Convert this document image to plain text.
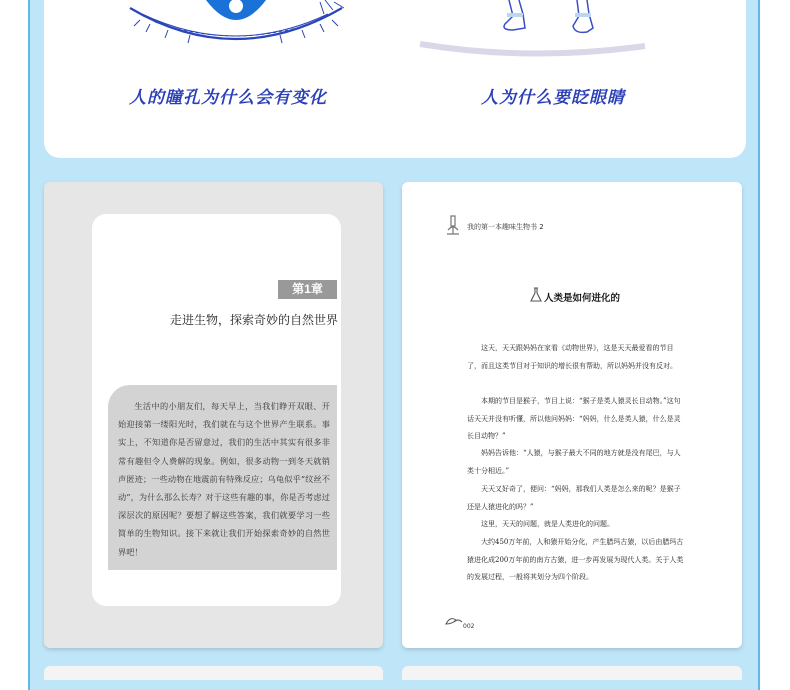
人的瞳孔为什么会有变化	人为什么要眨眼睛
第1章
走进生物，探索奇妙的自然世界

生活中的小朋友们，每天早上，当我们睁开双眼、开始迎接第一缕阳光时，我们就在与这个世界产生联系。事实上，不知道你是否留意过，我们的生活中其实有很多非常有趣但令人费解的现象。例如，很多动物一到冬天就销声匿迹；一些动物在地震前有特殊反应；乌龟似乎“纹丝不动”，为什么那么长寿？对于这些有趣的事，你是否考虑过深层次的原因呢？要想了解这些答案，我们就要学习一些简单的生物知识。接下来就让我们开始探索奇妙的自然世界吧！

我的第一本趣味生物书 2
人类是如何进化的

这天，天天跟妈妈在家看《动物世界》，这是天天最爱看的节目了，而且这类节目对于知识的增长很有帮助，所以妈妈并没有反对。

本期的节目是猴子，节目上说：“猴子是类人猿灵长目动物。”这句话天天并没有听懂，所以他问妈妈：“妈妈，什么是类人猿，什么是灵长目动物？”

妈妈告诉他：“人猿，与猴子最大不同的地方就是没有尾巴，与人类十分相近。”

天天又好奇了，便问：“妈妈，那我们人类是怎么来的呢？是猴子还是人猿进化的吗？”

这里，天天的问题，就是人类进化的问题。

大约450万年前，人和猿开始分化，产生腊玛古猿，以后由腊玛古猿进化成200万年前的南方古猿，进一步再发展为现代人类。关于人类的发展过程，一般将其划分为四个阶段。

002
